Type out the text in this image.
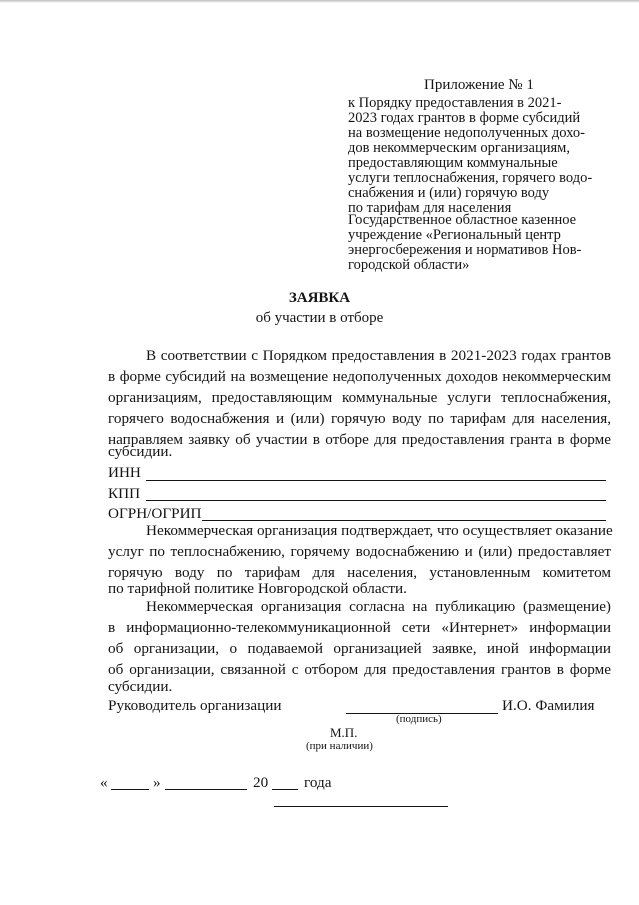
Приложение № 1
к Порядку предоставления в 2021-
2023 годах грантов в форме субсидий
на возмещение недополученных дохо-
дов некоммерческим организациям,
предоставляющим коммунальные
услуги теплоснабжения, горячего водо-
снабжения и (или) горячую воду
по тарифам для населения
Государственное областное казенное
учреждение «Региональный центр
энергосбережения и нормативов Нов-
городской области»
ЗАЯВКА
об участии в отборе
В соответствии с Порядком предоставления в 2021-2023 годах грантов
в форме субсидий на возмещение недополученных доходов некоммерческим
организациям, предоставляющим коммунальные услуги теплоснабжения,
горячего водоснабжения и (или) горячую воду по тарифам для населения,
направляем заявку об участии в отборе для предоставления гранта в форме
субсидии.
ИНН
КПП
ОГРН/ОГРИП
Некоммерческая организация подтверждает, что осуществляет оказание
услуг по теплоснабжению, горячему водоснабжению и (или) предоставляет
горячую воду по тарифам для населения, установленным комитетом
по тарифной политике Новгородской области.
Некоммерческая организация согласна на публикацию (размещение)
в информационно-телекоммуникационной сети «Интернет» информации
об организации, о подаваемой организацией заявке, иной информации
об организации, связанной с отбором для предоставления грантов в форме
субсидии.
Руководитель организации	И.О. Фамилия
(подпись)
М.П.
(при наличии)
«	»	20 года
